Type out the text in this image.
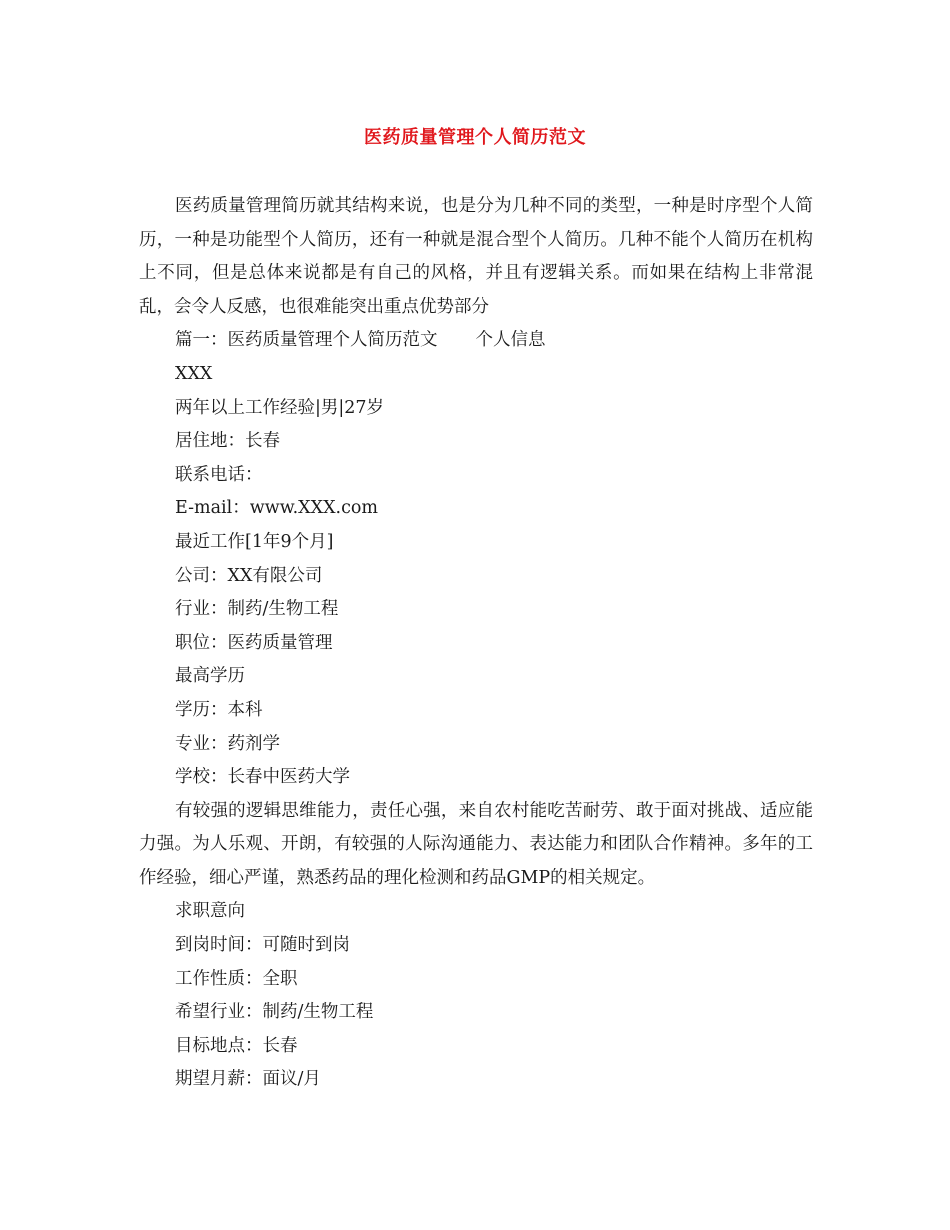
医药质量管理个人简历范文

医药质量管理简历就其结构来说，也是分为几种不同的类型，一种是时序型个人简历，一种是功能型个人简历，还有一种就是混合型个人简历。几种不能个人简历在机构上不同，但是总体来说都是有自己的风格，并且有逻辑关系。而如果在结构上非常混乱，会令人反感，也很难能突出重点优势部分

篇一：医药质量管理个人简历范文 个人信息

XXX

两年以上工作经验|男|27岁

居住地：长春

联系电话：

E-mail：www.XXX.com

最近工作[1年9个月]

公司：XX有限公司

行业：制药/生物工程

职位：医药质量管理

最高学历

学历：本科

专业：药剂学

学校：长春中医药大学

有较强的逻辑思维能力，责任心强，来自农村能吃苦耐劳、敢于面对挑战、适应能力强。为人乐观、开朗，有较强的人际沟通能力、表达能力和团队合作精神。多年的工作经验，细心严谨，熟悉药品的理化检测和药品GMP的相关规定。

求职意向

到岗时间：可随时到岗

工作性质：全职

希望行业：制药/生物工程

目标地点：长春

期望月薪：面议/月
